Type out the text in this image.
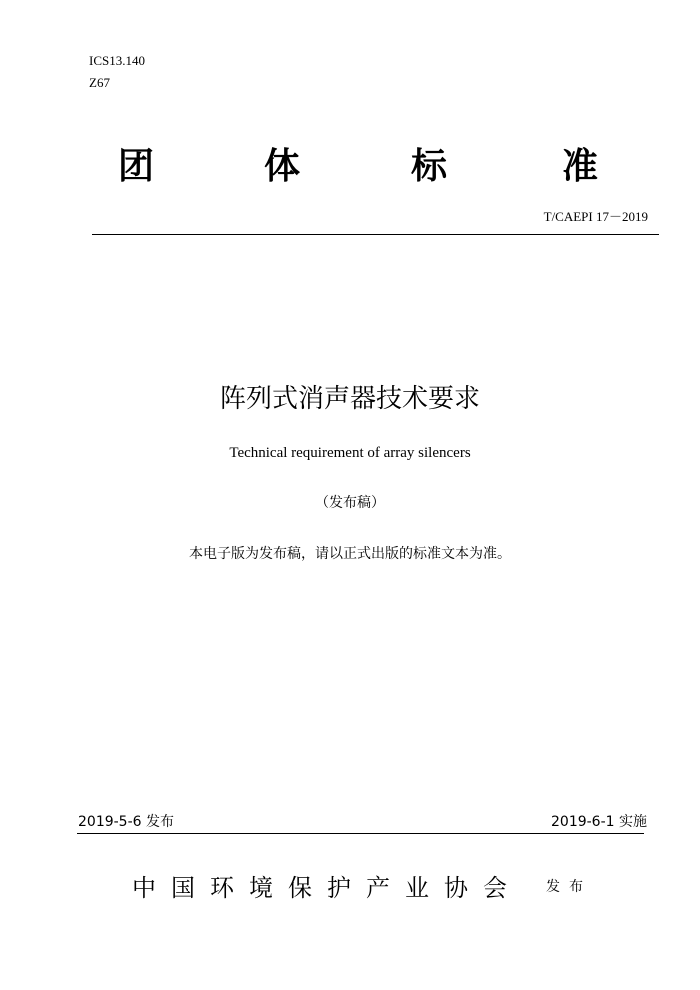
ICS13.140
Z67
团	体	标	准
T/CAEPI 17－2019
阵列式消声器技术要求
Technical requirement of array silencers
（发布稿）
本电子版为发布稿，请以正式出版的标准文本为准。
2019-5-6 发布	2019-6-1 实施
中国环境保护产业协会 发布
